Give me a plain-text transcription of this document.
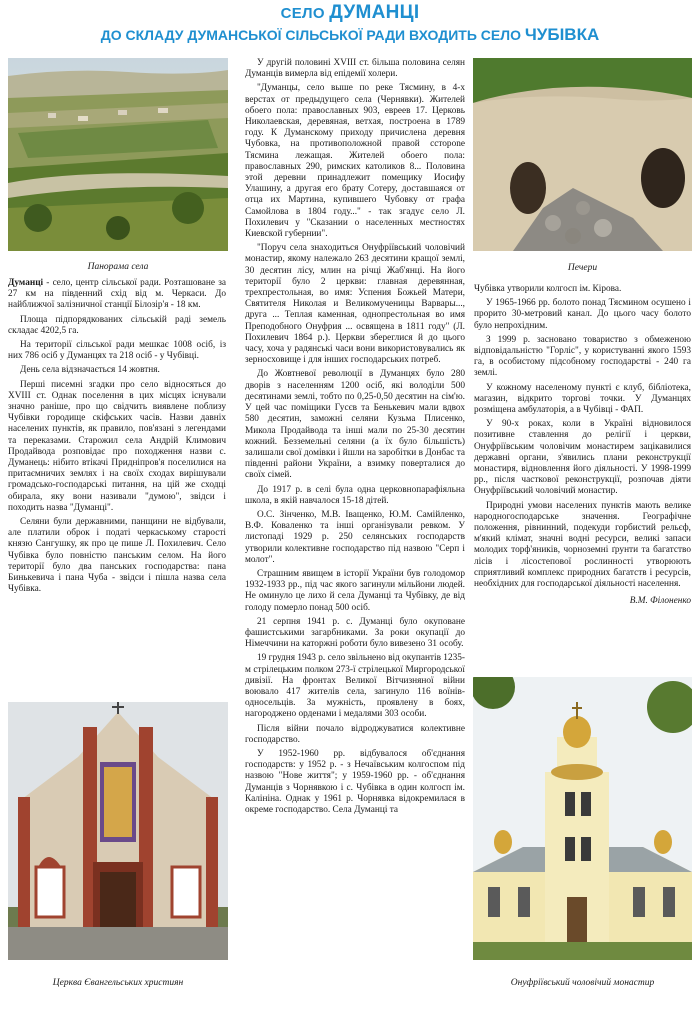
СЕЛО ДУМАНЦІ
ДО СКЛАДУ ДУМАНСЬКОЇ СІЛЬСЬКОЇ РАДИ ВХОДИТЬ СЕЛО ЧУБІВКА
Панорама села	Печери

Думанці - село, центр сільської ради. Розташоване за 27 км на південний схід від м. Черкаси. До найближчої залізничної станції Білозір'я - 18 км.

Площа підпорядкованих сільській раді земель складає 4202,5 га.

На території сільської ради мешкає 1008 осіб, із них 786 осіб у Думанцях та 218 осіб - у Чубівці.

День села відзначається 14 жовтня.

Перші писемні згадки про село відносяться до XVIII ст. Однак поселення в цих місцях існували значно раніше, про що свідчить виявлене поблизу Чубівки городище скіфських часів. Назви давніх населених пунктів, як правило, пов'язані з легендами та переказами. Старожил села Андрій Климович Продайвода розповідає про походження назви с. Думанець: нібито втікачі Придніпров'я поселилися на притаємничих землях і на своїх сходах вирішували громадсько-господарські питання, на цій же сходці обирала, яку вони називали "думою", звідси і походить назва "Думанці".

Селяни були державними, панщини не відбували, але платили оброк і податі черкаському старості князю Сангушку, як про це пише Л. Похилевич. Село Чубівка було повністю панським селом. На його території було два панських господарства: пана Бинькевича і пана Чуба - звідси і пішла назва села Чубівка.

Церква Євангельських християн

У другій половині XVIII ст. більша половина селян Думанців вимерла від епідемії холери.

"Думанцы, село выше по реке Тясмину, в 4-х верстах от предыдущего села (Чернявки). Жителей обоего пола: православных 903, евреев 17. Церковь Николаевская, деревяная, ветхая, построена в 1789 году. К Думанскому приходу причислена деревня Чубовка, на противоположной правой ссторone Тясмина лежащая. Жителей обоего пола: православных 290, римских католиков 8... Половина этой деревни принадлежит помещику Иосифу Улашину, а другая его брату Сотеру, доставшаяся от отца их Мартина, купившего Чубовку от графа Самойлова в 1804 году..." - так згадує село Л. Похилевич у "Сказании о населенных местностях Киевской губернии".

"Поруч села знаходиться Онуфріївський чоловічий монастир, якому належало 263 десятини кращої землі, 30 десятин лісу, млин на річці Жаб'янці. На його території було 2 церкви: главная деревянная, трехпрестольная, во имя: Успения Божьей Матери, Святителя Николая и Великомученицы Варвары..., друга ... Теплая каменная, однопрестольная во имя Преподобного Онуфрия ... освящена в 1811 году" (Л. Похилевич 1864 р.). Церкви збереглися й до цього часу, хоча у радянські часи вони використовувались як зерносховище і для інших господарських потреб.

До Жовтневої революції в Думанцях було 280 дворів з населенням 1200 осіб, які володіли 500 десятинами землі, тобто по 0,25-0,50 десятин на сім'ю. У цей час поміщики Гусєв та Бенькевич мали вдвох 580 десятин, заможні селяни Кузьма Плисенко, Микола Продайвода та інші мали по 25-30 десятин кожний. Безземельні селяни (а їх було більшість) залишали свої домівки і йшли на заробітки в Донбас та південні райони України, а взимку поверталися до своїх сімей.

До 1917 р. в селі була одна церковнопарафіяльна школа, в якій навчалося 15-18 дітей.

О.С. Зінченко, М.В. Іващенко, Ю.М. Самійленко, В.Ф. Коваленко та інші організували ревком. У листопаді 1929 р. 250 селянських господарств утворили колективне господарство під назвою "Серп і молот".

Страшним явищем в історії України був голодомор 1932-1933 рр., під час якого загинули мільйони людей. Не оминуло це лихо й села Думанці та Чубівку, де від голоду померло понад 500 осіб.

21 серпня 1941 р. с. Думанці було окуповане фашистськими загарбниками. За роки окупації до Німеччини на каторжні роботи було вивезено 31 особу.

19 грудня 1943 р. село звільнено від окупантів 1235-м стрілецьким полком 273-ї стрілецької Миргородської дивізії. На фронтах Великої Вітчизняної війни воювало 417 жителів села, загинуло 116 воїнів-односельців. За мужність, проявлену в боях, нагороджено орденами і медалями 303 особи.

Після війни почало відроджуватися колективне господарство.

У 1952-1960 рр. відбувалося об'єднання господарств: у 1952 р. - з Нечаївським колгоспом під назвою "Нове життя"; у 1959-1960 рр. - об'єднання Думанців з Чорнявкою і с. Чубівка в один колгосп ім. Калініна. Однак у 1961 р. Чорнявка відокремилася в окреме господарство. Села Думанці та

Чубівка утворили колгосп ім. Кірова.

У 1965-1966 рр. болото понад Тясмином осушено і прорито 30-метровий канал. До цього часу болото було непрохідним.

З 1999 р. засновано товариство з обмеженою відповідальністю "Горліс", у користуванні якого 1593 га, в особистому підсобному господарстві - 240 га землі.

У кожному населеному пункті є клуб, бібліотека, магазин, відкрито торгові точки. У Думанцях розміщена амбулаторія, а в Чубівці - ФАП.

У 90-х роках, коли в Україні відновилося позитивне ставлення до релігії і церкви, Онуфріївським чоловічим монастирем зацікавилися державні органи, з'явились плани реконструкції монастиря, відновлення його діяльності. У 1998-1999 рр., після часткової реконструкції, розпочав діяти Онуфріївський чоловічий монастир.

Природні умови населених пунктів мають велике народногосподарське значення. Географічне положення, рівнинний, подекуди горбистий рельєф, м'який клімат, значні водні ресурси, великі запаси молодих торф'яників, чорноземні ґрунти та багатство лісів і лісостепової рослинності утворюють сприятливий комплекс природних багатств і ресурсів, необхідних для господарської діяльності населення.

В.М. Філоненко
Онуфріївський чоловічий монастир
